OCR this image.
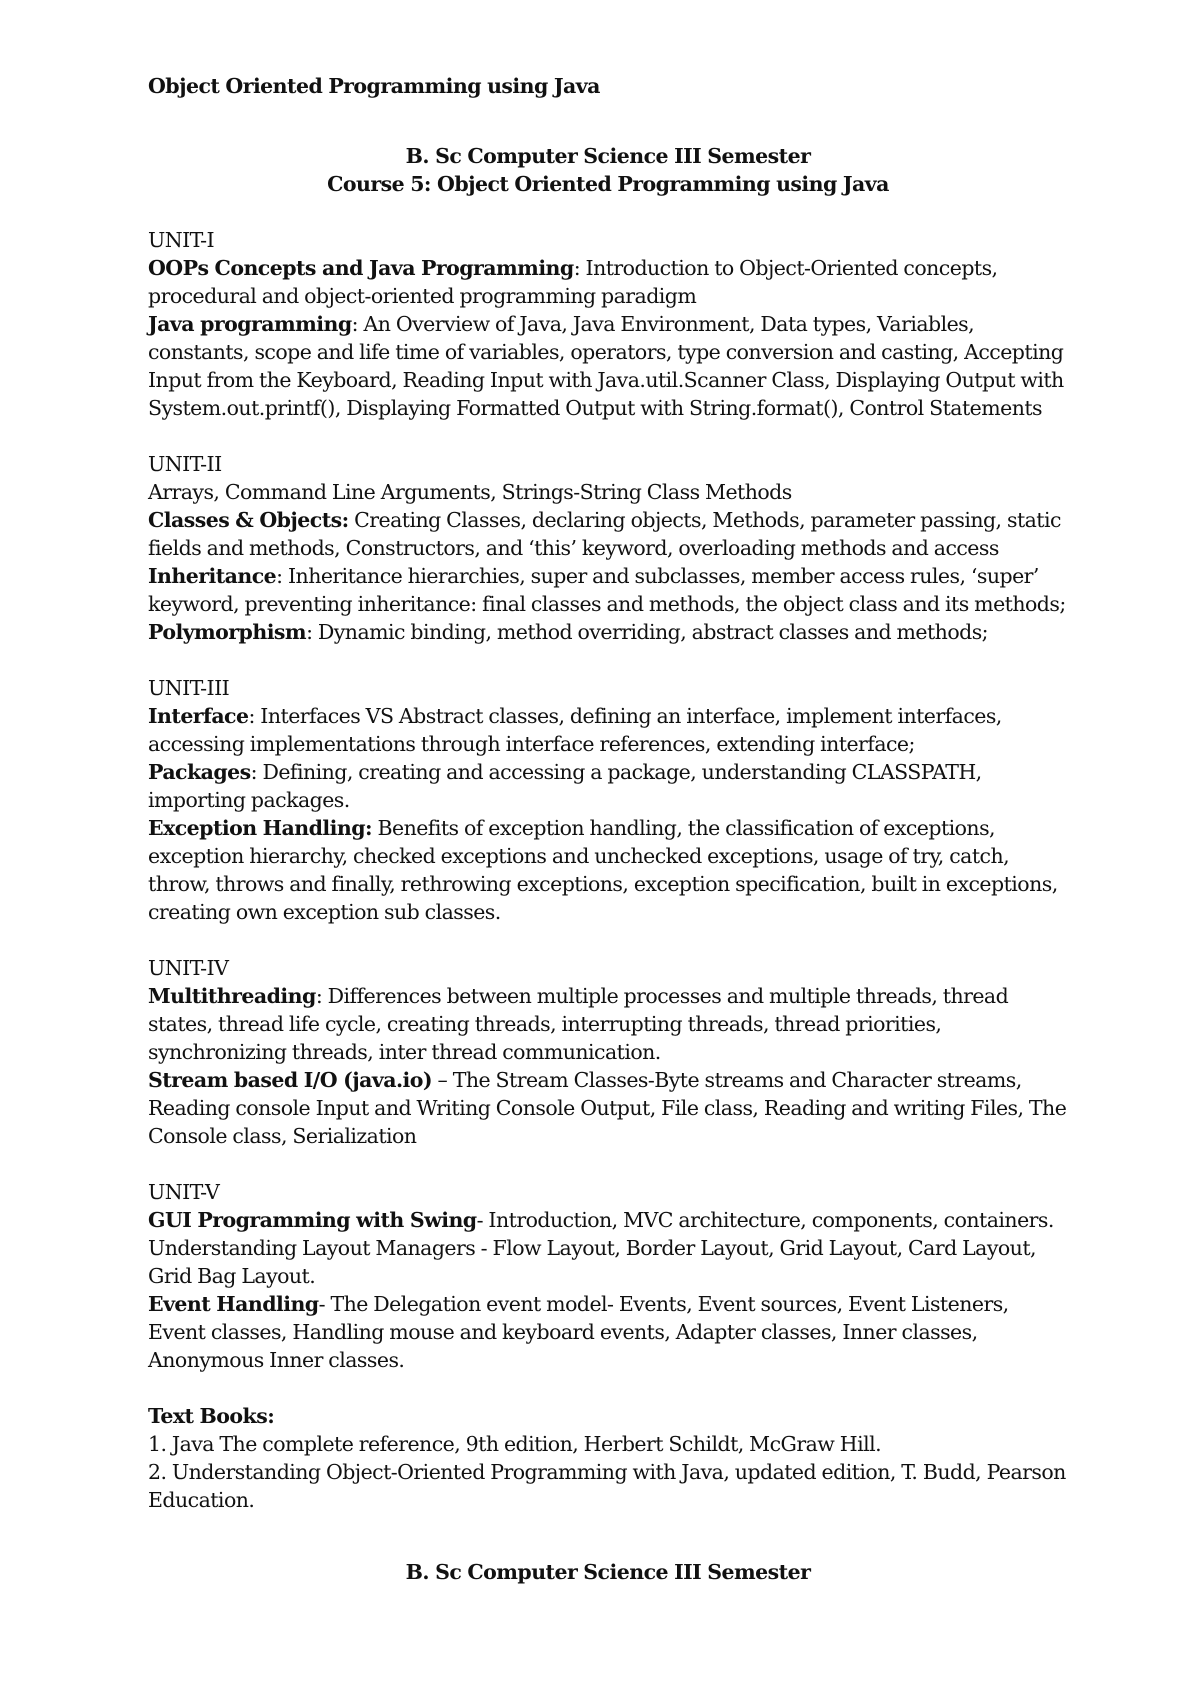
Object Oriented Programming using Java

B. Sc Computer Science III Semester

Course 5: Object Oriented Programming using Java

UNIT-I

OOPs Concepts and Java Programming: Introduction to Object-Oriented concepts, procedural and object-oriented programming paradigm

Java programming: An Overview of Java, Java Environment, Data types, Variables, constants, scope and life time of variables, operators, type conversion and casting, Accepting Input from the Keyboard, Reading Input with Java.util.Scanner Class, Displaying Output with System.out.printf(), Displaying Formatted Output with String.format(), Control Statements

UNIT-II

Arrays, Command Line Arguments, Strings-String Class Methods

Classes & Objects: Creating Classes, declaring objects, Methods, parameter passing, static fields and methods, Constructors, and ‘this’ keyword, overloading methods and access

Inheritance: Inheritance hierarchies, super and subclasses, member access rules, ‘super’ keyword, preventing inheritance: final classes and methods, the object class and its methods;

Polymorphism: Dynamic binding, method overriding, abstract classes and methods;

UNIT-III

Interface: Interfaces VS Abstract classes, defining an interface, implement interfaces, accessing implementations through interface references, extending interface;

Packages: Defining, creating and accessing a package, understanding CLASSPATH, importing packages.

Exception Handling: Benefits of exception handling, the classification of exceptions, exception hierarchy, checked exceptions and unchecked exceptions, usage of try, catch, throw, throws and finally, rethrowing exceptions, exception specification, built in exceptions, creating own exception sub classes.

UNIT-IV

Multithreading: Differences between multiple processes and multiple threads, thread states, thread life cycle, creating threads, interrupting threads, thread priorities, synchronizing threads, inter thread communication.

Stream based I/O (java.io) – The Stream Classes-Byte streams and Character streams, Reading console Input and Writing Console Output, File class, Reading and writing Files, The Console class, Serialization

UNIT-V

GUI Programming with Swing- Introduction, MVC architecture, components, containers. Understanding Layout Managers - Flow Layout, Border Layout, Grid Layout, Card Layout, Grid Bag Layout.

Event Handling- The Delegation event model- Events, Event sources, Event Listeners, Event classes, Handling mouse and keyboard events, Adapter classes, Inner classes, Anonymous Inner classes.

Text Books:

1. Java The complete reference, 9th edition, Herbert Schildt, McGraw Hill.

2. Understanding Object-Oriented Programming with Java, updated edition, T. Budd, Pearson Education.

B. Sc Computer Science III Semester
